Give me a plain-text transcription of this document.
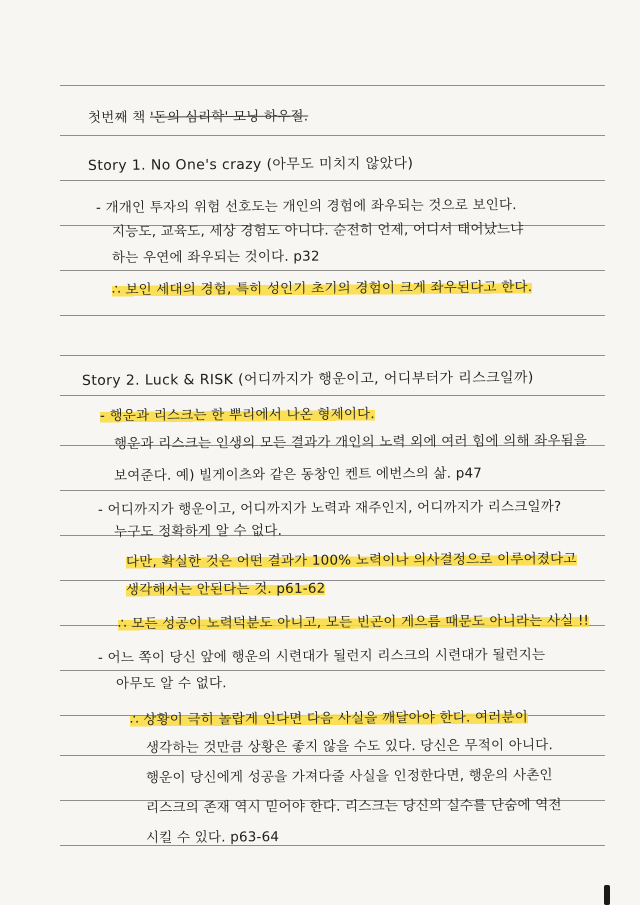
첫번째 책 '돈의 심리학' 모닝 하우절.
Story 1. No One's crazy (아무도 미치지 않았다)
- 개개인 투자의 위험 선호도는 개인의 경험에 좌우되는 것으로 보인다.
지능도, 교육도, 세상 경험도 아니다. 순전히 언제, 어디서 태어났느냐
하는 우연에 좌우되는 것이다. p32
∴ 보인 세대의 경험, 특히 성인기 초기의 경험이 크게 좌우된다고 한다.
Story 2. Luck & RISK (어디까지가 행운이고, 어디부터가 리스크일까)
- 행운과 리스크는 한 뿌리에서 나온 형제이다.
행운과 리스크는 인생의 모든 결과가 개인의 노력 외에 여러 힘에 의해 좌우됨을
보여준다. 예) 빌게이츠와 같은 동창인 켄트 에번스의 삶. p47
- 어디까지가 행운이고, 어디까지가 노력과 재주인지, 어디까지가 리스크일까?
누구도 정확하게 알 수 없다.
다만, 확실한 것은 어떤 결과가 100% 노력이나 의사결정으로 이루어졌다고
생각해서는 안된다는 것. p61-62
∴ 모든 성공이 노력덕분도 아니고, 모든 빈곤이 게으름 때문도 아니라는 사실 !!
- 어느 쪽이 당신 앞에 행운의 시련대가 될런지 리스크의 시련대가 될런지는
아무도 알 수 없다.
∴ 상황이 극히 놀랍게 인다면 다음 사실을 깨달아야 한다. 여러분이
생각하는 것만큼 상황은 좋지 않을 수도 있다. 당신은 무적이 아니다.
행운이 당신에게 성공을 가져다줄 사실을 인정한다면, 행운의 사촌인
리스크의 존재 역시 믿어야 한다. 리스크는 당신의 실수를 단숨에 역전
시킬 수 있다. p63-64
